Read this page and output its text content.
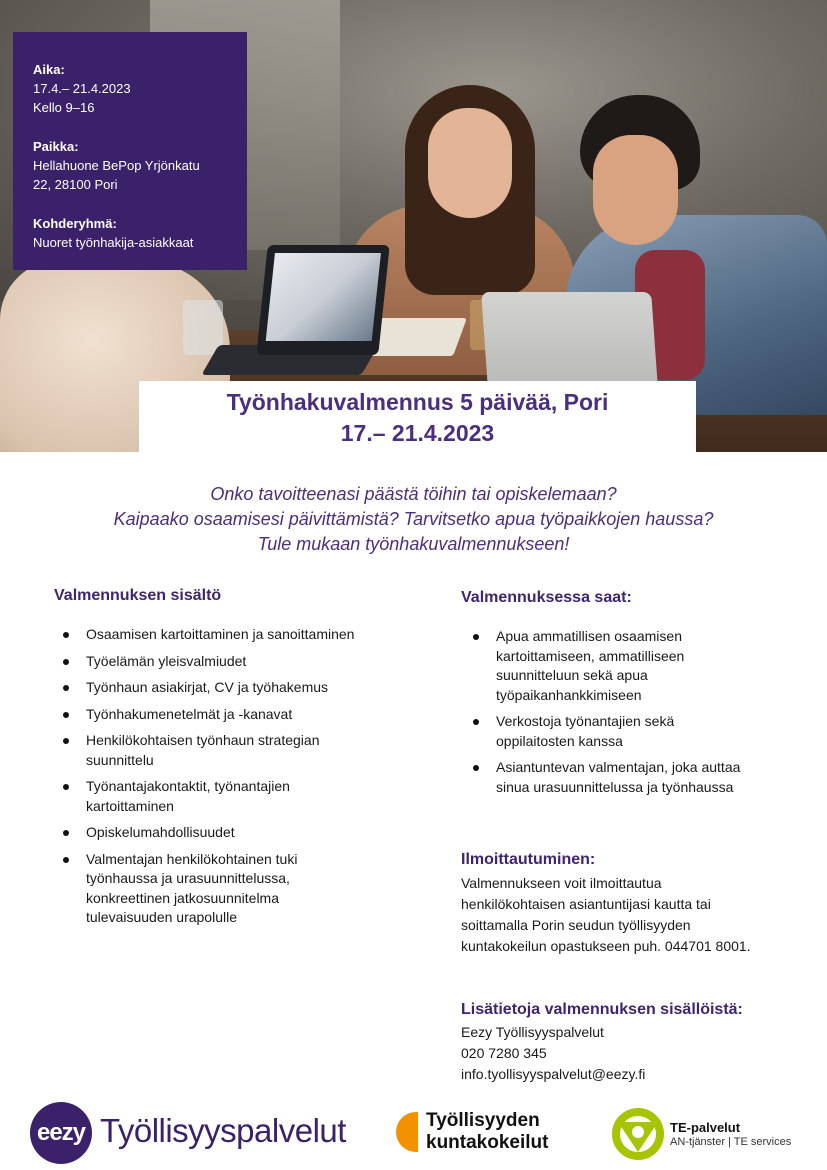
Aika:
17.4.– 21.4.2023
Kello 9–16
Paikka:
Hellahuone BePop Yrjönkatu
22, 28100 Pori
Kohderyhmä:
Nuoret työnhakija-asiakkaat
Työnhakuvalmennus 5 päivää, Pori
17.– 21.4.2023
Onko tavoitteenasi päästä töihin tai opiskelemaan?
Kaipaako osaamisesi päivittämistä? Tarvitsetko apua työpaikkojen haussa?
Tule mukaan työnhakuvalmennukseen!
Valmennuksen sisältö
Osaamisen kartoittaminen ja sanoittaminen
Työelämän yleisvalmiudet
Työnhaun asiakirjat, CV ja työhakemus
Työnhakumenetelmät ja -kanavat
Henkilökohtaisen työnhaun strategian suunnittelu
Työnantajakontaktit, työnantajien kartoittaminen
Opiskelumahdollisuudet
Valmentajan henkilökohtainen tuki työnhaussa ja urasuunnittelussa, konkreettinen jatkosuunnitelma tulevaisuuden urapolulle
Valmennuksessa saat:
Apua ammatillisen osaamisen kartoittamiseen, ammatilliseen suunnitteluun sekä apua työpaikanhankkimiseen
Verkostoja työnantajien sekä oppilaitosten kanssa
Asiantuntevan valmentajan, joka auttaa sinua urasuunnittelussa ja työnhaussa
Ilmoittautuminen:
Valmennukseen voit ilmoittautua henkilökohtaisen asiantuntijasi kautta tai soittamalla Porin seudun työllisyyden kuntakokeilun opastukseen puh. 044701 8001.
Lisätietoja valmennuksen sisällöistä:
Eezy Työllisyyspalvelut
020 7280 345
info.tyollisyyspalvelut@eezy.fi
eezy Työllisyyspalvelut	Työllisyyden
kuntakokeilut
TE-palvelut
AN-tjänster | TE services
